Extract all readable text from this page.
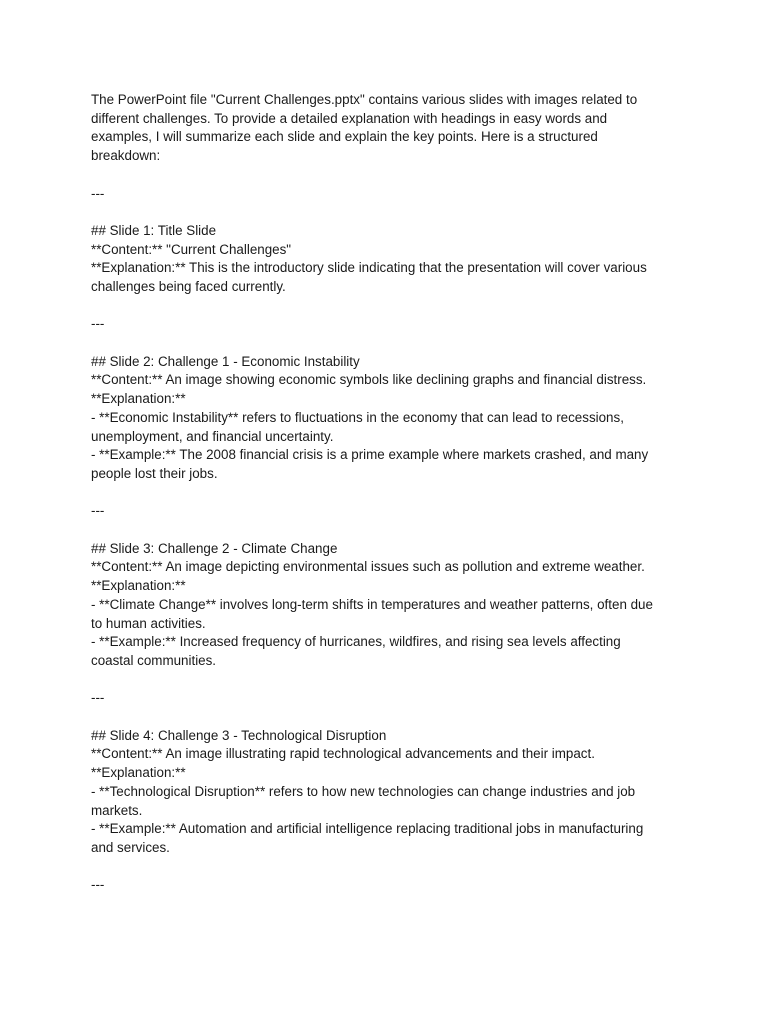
The PowerPoint file "Current Challenges.pptx" contains various slides with images related to
different challenges. To provide a detailed explanation with headings in easy words and
examples, I will summarize each slide and explain the key points. Here is a structured
breakdown:
---
## Slide 1: Title Slide
**Content:** "Current Challenges"
**Explanation:** This is the introductory slide indicating that the presentation will cover various
challenges being faced currently.
---
## Slide 2: Challenge 1 - Economic Instability
**Content:** An image showing economic symbols like declining graphs and financial distress.
**Explanation:**
- **Economic Instability** refers to fluctuations in the economy that can lead to recessions,
unemployment, and financial uncertainty.
- **Example:** The 2008 financial crisis is a prime example where markets crashed, and many
people lost their jobs.
---
## Slide 3: Challenge 2 - Climate Change
**Content:** An image depicting environmental issues such as pollution and extreme weather.
**Explanation:**
- **Climate Change** involves long-term shifts in temperatures and weather patterns, often due
to human activities.
- **Example:** Increased frequency of hurricanes, wildfires, and rising sea levels affecting
coastal communities.
---
## Slide 4: Challenge 3 - Technological Disruption
**Content:** An image illustrating rapid technological advancements and their impact.
**Explanation:**
- **Technological Disruption** refers to how new technologies can change industries and job
markets.
- **Example:** Automation and artificial intelligence replacing traditional jobs in manufacturing
and services.
---
